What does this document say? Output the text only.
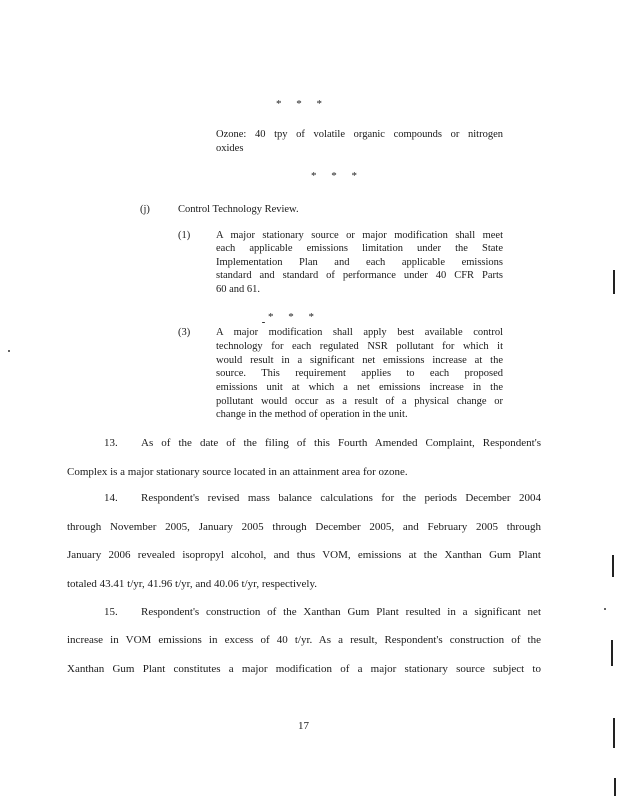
* * *
Ozone: 40 tpy of volatile organic compounds or nitrogen
oxides
* * *
(j)	Control Technology Review.
(1) A major stationary source or major modification shall meet
each applicable emissions limitation under the State
Implementation Plan and each applicable emissions
standard and standard of performance under 40 CFR Parts
60 and 61.
* * *
(3) A major modification shall apply best available control
technology for each regulated NSR pollutant for which it
would result in a significant net emissions increase at the
source. This requirement applies to each proposed
emissions unit at which a net emissions increase in the
pollutant would occur as a result of a physical change or
change in the method of operation in the unit.
13. As of the date of the filing of this Fourth Amended Complaint, Respondent's
Complex is a major stationary source located in an attainment area for ozone.
14. Respondent's revised mass balance calculations for the periods December 2004
through November 2005, January 2005 through December 2005, and February 2005 through
January 2006 revealed isopropyl alcohol, and thus VOM, emissions at the Xanthan Gum Plant
totaled 43.41 t/yr, 41.96 t/yr, and 40.06 t/yr, respectively.
15. Respondent's construction of the Xanthan Gum Plant resulted in a significant net
increase in VOM emissions in excess of 40 t/yr. As a result, Respondent's construction of the
Xanthan Gum Plant constitutes a major modification of a major stationary source subject to
17
